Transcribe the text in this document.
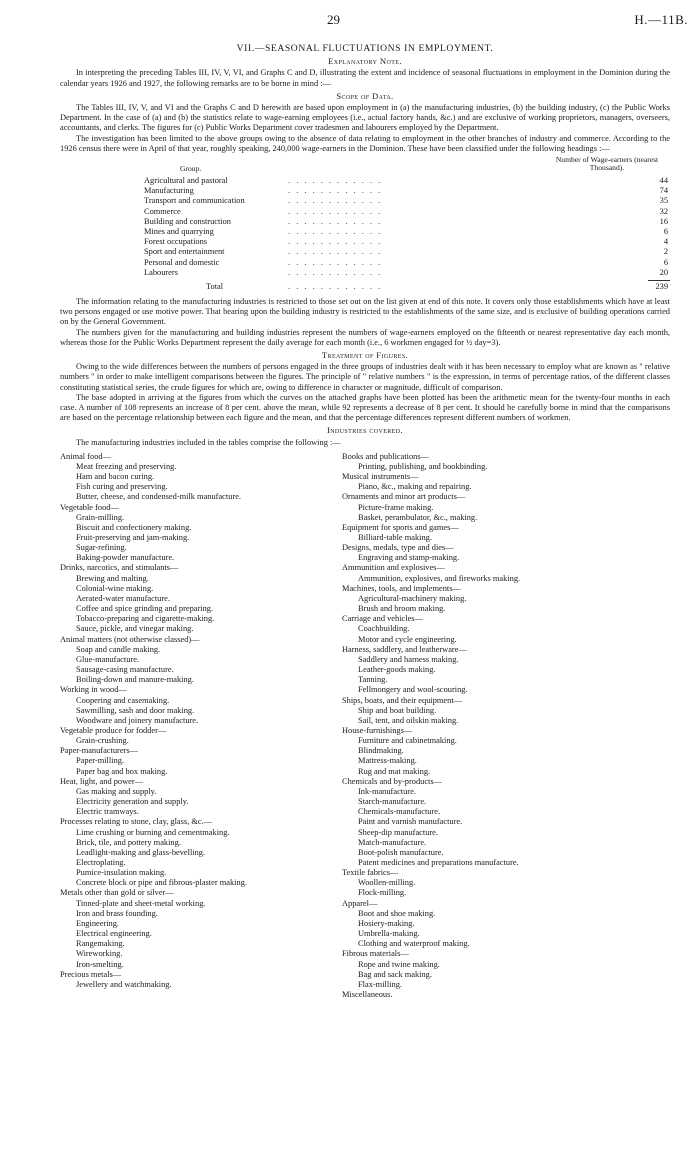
29	H.—11B.
VII.—SEASONAL FLUCTUATIONS IN EMPLOYMENT.
Explanatory Note.

In interpreting the preceding Tables III, IV, V, VI, and Graphs C and D, illustrating the extent and incidence of seasonal fluctuations in employment in the Dominion during the calendar years 1926 and 1927, the following remarks are to be borne in mind :—

Scope of Data.

The Tables III, IV, V, and VI and the Graphs C and D herewith are based upon employment in (a) the manufacturing industries, (b) the building industry, (c) the Public Works Department. In the case of (a) and (b) the statistics relate to wage-earning employees (i.e., actual factory hands, &c.) and are exclusive of working proprietors, managers, overseers, accountants, and clerks. The figures for (c) Public Works Department cover tradesmen and labourers employed by the Department.

The investigation has been limited to the above groups owing to the absence of data relating to employment in the other branches of industry and commerce. According to the 1926 census there were in April of that year, roughly speaking, 240,000 wage-earners in the Dominion. These have been classified under the following headings :—

Group.
Number of Wage-earners (nearest Thousand).
Agricultural and pastoral	. . . . . . . . . . . .	44
Manufacturing	. . . . . . . . . . . .	74
Transport and communication	. . . . . . . . . . . .	35
Commerce	. . . . . . . . . . . .	32
Building and construction	. . . . . . . . . . . .	16
Mines and quarrying	. . . . . . . . . . . .	6
Forest occupations	. . . . . . . . . . . .	4
Sport and entertainment	. . . . . . . . . . . .	2
Personal and domestic	. . . . . . . . . . . .	6
Labourers	. . . . . . . . . . . .	20
Total	. . . . . . . . . . . .	239

The information relating to the manufacturing industries is restricted to those set out on the list given at end of this note. It covers only those establishments which have at least two persons engaged or use motive power. That bearing upon the building industry is restricted to the establishments of the same size, and is exclusive of building operations carried on by the General Government.

The numbers given for the manufacturing and building industries represent the numbers of wage-earners employed on the fifteenth or nearest representative day each month, whereas those for the Public Works Department represent the daily average for each month (i.e., 6 workmen engaged for ½ day=3).

Treatment of Figures.

Owing to the wide differences between the numbers of persons engaged in the three groups of industries dealt with it has been necessary to employ what are known as " relative numbers " in order to make intelligent comparisons between the figures. The principle of " relative numbers " is the expression, in terms of percentage ratios, of the different classes constituting statistical series, the crude figures for which are, owing to difference in character or magnitude, difficult of comparison.

The base adopted in arriving at the figures from which the curves on the attached graphs have been plotted has been the arithmetic mean for the twenty-four months in each case. A number of 108 represents an increase of 8 per cent. above the mean, while 92 represents a decrease of 8 per cent. It should be carefully borne in mind that the comparisons are based on the percentage relationship between each figure and the mean, and that the percentage differences represent different numbers of workmen.

Industries covered.

The manufacturing industries included in the tables comprise the following :—

Animal food—
Meat freezing and preserving.
Ham and bacon curing.
Fish curing and preserving.
Butter, cheese, and condensed-milk manufacture.
Vegetable food—
Grain-milling.
Biscuit and confectionery making.
Fruit-preserving and jam-making.
Sugar-refining.
Baking-powder manufacture.
Drinks, narcotics, and stimulants—
Brewing and malting.
Colonial-wine making.
Aerated-water manufacture.
Coffee and spice grinding and preparing.
Tobacco-preparing and cigarette-making.
Sauce, pickle, and vinegar making.
Animal matters (not otherwise classed)—
Soap and candle making.
Glue-manufacture.
Sausage-casing manufacture.
Boiling-down and manure-making.
Working in wood—
Coopering and casemaking.
Sawmilling, sash and door making.
Woodware and joinery manufacture.
Vegetable produce for fodder—
Grain-crushing.
Paper-manufacturers—
Paper-milling.
Paper bag and box making.
Heat, light, and power—
Gas making and supply.
Electricity generation and supply.
Electric tramways.
Processes relating to stone, clay, glass, &c.—
Lime crushing or burning and cementmaking.
Brick, tile, and pottery making.
Leadlight-making and glass-bevelling.
Electroplating.
Pumice-insulation making.
Concrete block or pipe and fibrous-plaster making.
Metals other than gold or silver—
Tinned-plate and sheet-metal working.
Iron and brass founding.
Engineering.
Electrical engineering.
Rangemaking.
Wireworking.
Iron-smelting.
Precious metals—
Jewellery and watchmaking.
Books and publications—
Printing, publishing, and bookbinding.
Musical instruments—
Piano, &c., making and repairing.
Ornaments and minor art products—
Picture-frame making.
Basket, perambulator, &c., making.
Equipment for sports and games—
Billiard-table making.
Designs, medals, type and dies—
Engraving and stamp-making.
Ammunition and explosives—
Ammunition, explosives, and fireworks making.
Machines, tools, and implements—
Agricultural-machinery making.
Brush and broom making.
Carriage and vehicles—
Coachbuilding.
Motor and cycle engineering.
Harness, saddlery, and leatherware—
Saddlery and harness making.
Leather-goods making.
Tanning.
Fellmongery and wool-scouring.
Ships, boats, and their equipment—
Ship and boat building.
Sail, tent, and oilskin making.
House-furnishings—
Furniture and cabinetmaking.
Blindmaking.
Mattress-making.
Rug and mat making.
Chemicals and by-products—
Ink-manufacture.
Starch-manufacture.
Chemicals-manufacture.
Paint and varnish manufacture.
Sheep-dip manufacture.
Match-manufacture.
Boot-polish manufacture.
Patent medicines and preparations manufacture.
Textile fabrics—
Woollen-milling.
Flock-milling.
Apparel—
Boot and shoe making.
Hosiery-making.
Umbrella-making.
Clothing and waterproof making.
Fibrous materials—
Rope and twine making.
Bag and sack making.
Flax-milling.
Miscellaneous.
